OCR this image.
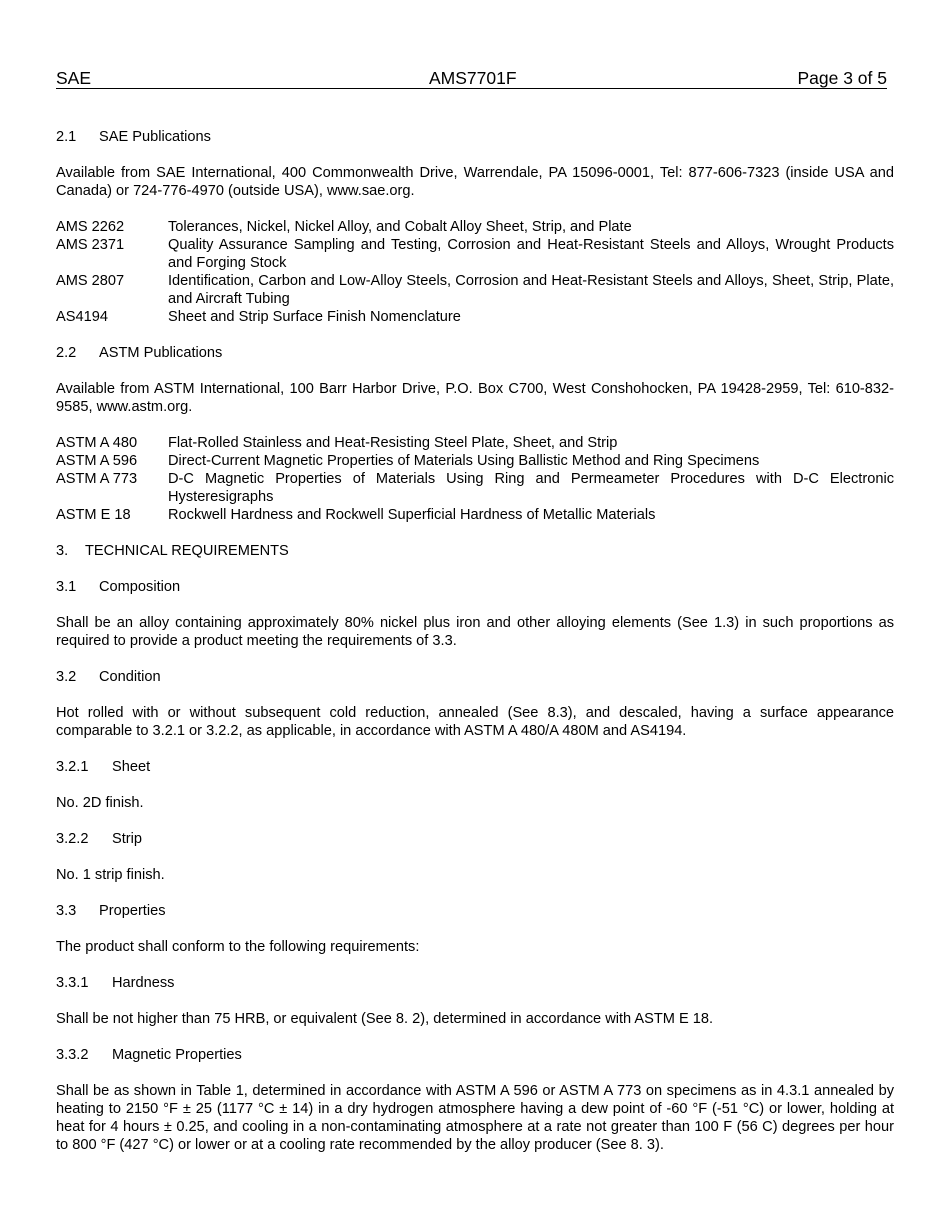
SAE	AMS7701F	Page 3 of 5

2.1 SAE Publications

Available from SAE International, 400 Commonwealth Drive, Warrendale, PA 15096-0001, Tel: 877-606-7323 (inside USA and Canada) or 724-776-4970 (outside USA), www.sae.org.

AMS 2262	Tolerances, Nickel, Nickel Alloy, and Cobalt Alloy Sheet, Strip, and Plate
AMS 2371	Quality Assurance Sampling and Testing, Corrosion and Heat-Resistant Steels and Alloys, Wrought Products and Forging Stock
AMS 2807	Identification, Carbon and Low-Alloy Steels, Corrosion and Heat-Resistant Steels and Alloys, Sheet, Strip, Plate, and Aircraft Tubing
AS4194	Sheet and Strip Surface Finish Nomenclature

2.2 ASTM Publications

Available from ASTM International, 100 Barr Harbor Drive, P.O. Box C700, West Conshohocken, PA 19428-2959, Tel: 610-832-9585, www.astm.org.

ASTM A 480	Flat-Rolled Stainless and Heat-Resisting Steel Plate, Sheet, and Strip
ASTM A 596	Direct-Current Magnetic Properties of Materials Using Ballistic Method and Ring Specimens
ASTM A 773	D-C Magnetic Properties of Materials Using Ring and Permeameter Procedures with D-C Electronic Hysteresigraphs
ASTM E 18	Rockwell Hardness and Rockwell Superficial Hardness of Metallic Materials

3. TECHNICAL REQUIREMENTS

3.1 Composition

Shall be an alloy containing approximately 80% nickel plus iron and other alloying elements (See 1.3) in such proportions as required to provide a product meeting the requirements of 3.3.

3.2 Condition

Hot rolled with or without subsequent cold reduction, annealed (See 8.3), and descaled, having a surface appearance comparable to 3.2.1 or 3.2.2, as applicable, in accordance with ASTM A 480/A 480M and AS4194.

3.2.1 Sheet

No. 2D finish.

3.2.2 Strip

No. 1 strip finish.

3.3 Properties

The product shall conform to the following requirements:

3.3.1 Hardness

Shall be not higher than 75 HRB, or equivalent (See 8. 2), determined in accordance with ASTM E 18.

3.3.2 Magnetic Properties

Shall be as shown in Table 1, determined in accordance with ASTM A 596 or ASTM A 773 on specimens as in 4.3.1 annealed by heating to 2150 °F ± 25 (1177 °C ± 14) in a dry hydrogen atmosphere having a dew point of -60 °F (-51 °C) or lower, holding at heat for 4 hours ± 0.25, and cooling in a non-contaminating atmosphere at a rate not greater than 100 F (56 C) degrees per hour to 800 °F (427 °C) or lower or at a cooling rate recommended by the alloy producer (See 8. 3).
